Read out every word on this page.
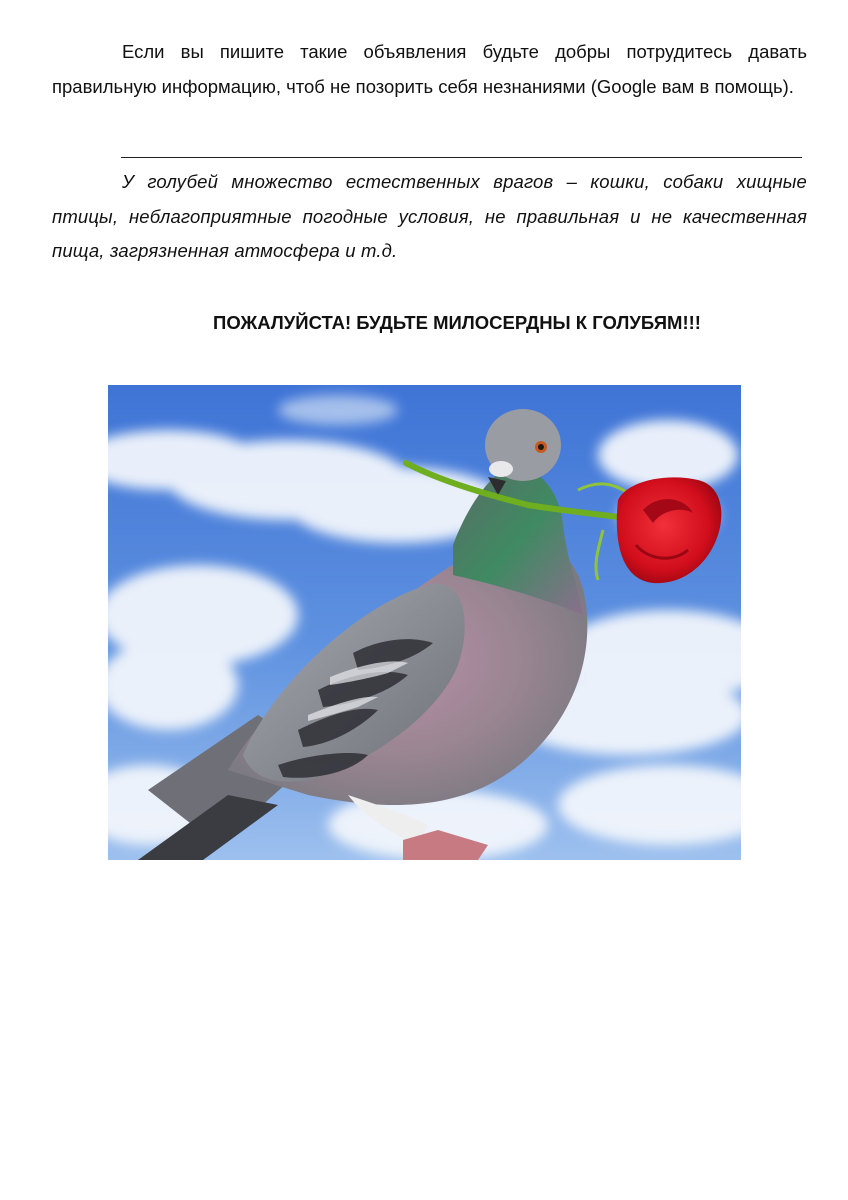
Если вы пишите такие объявления будьте добры потрудитесь давать правильную информацию, чтоб не позорить себя незнаниями (Google вам в помощь).

У голубей множество естественных врагов – кошки, собаки хищные птицы, неблагоприятные погодные условия, не правильная и не качественная пища, загрязненная атмосфера и т.д.

ПОЖАЛУЙСТА! БУДЬТЕ МИЛОСЕРДНЫ К ГОЛУБЯМ!!!
